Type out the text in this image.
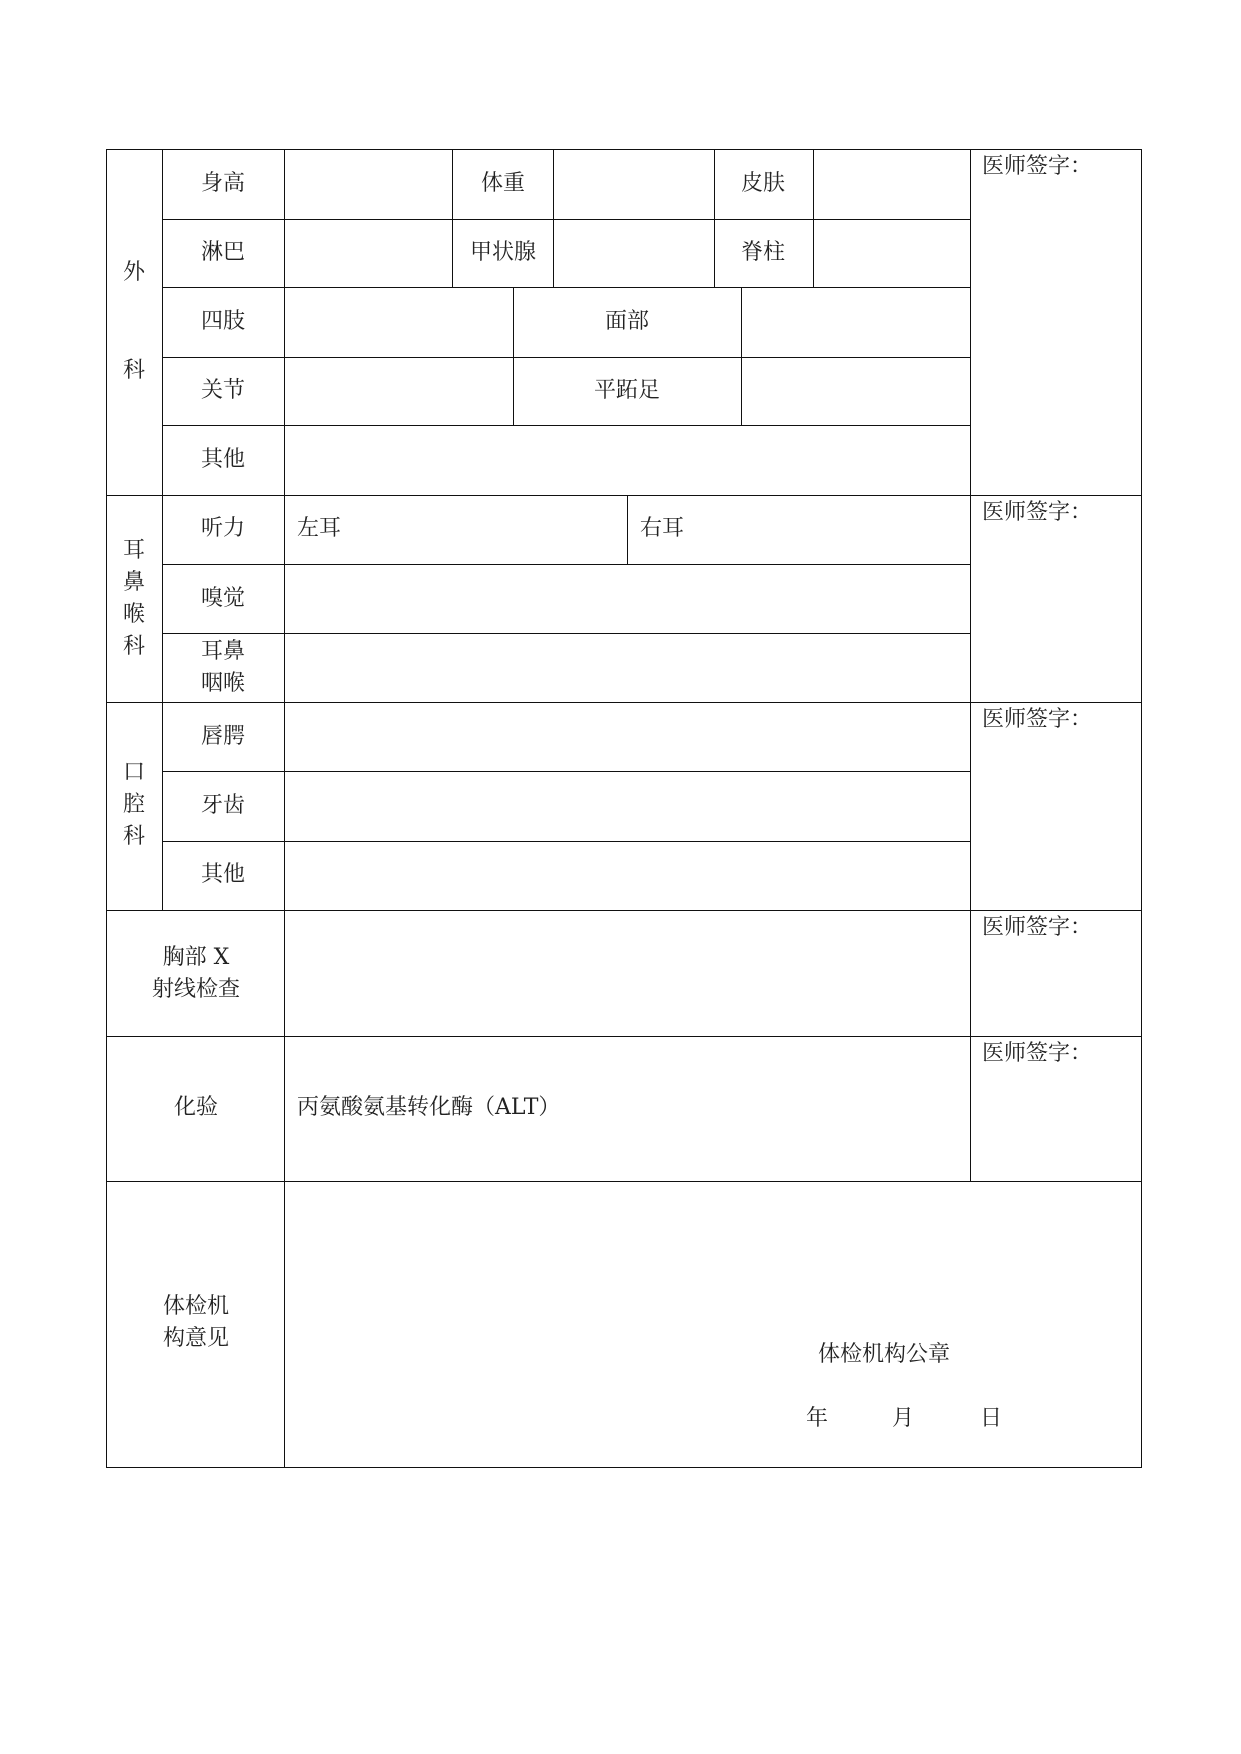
外
科
身高	体重	皮肤
淋巴	甲状腺	脊柱
四肢	面部
关节	平跖足
其他
医师签字：
耳
鼻
喉
科
听力 左耳	右耳
嗅觉
耳鼻
咽喉
医师签字：
口
腔
科
唇腭
牙齿
其他
医师签字：
胸部 X
射线检查
医师签字：
化验	丙氨酸氨基转化酶（ALT）
医师签字：
体检机
构意见
体检机构公章
年	月	日
